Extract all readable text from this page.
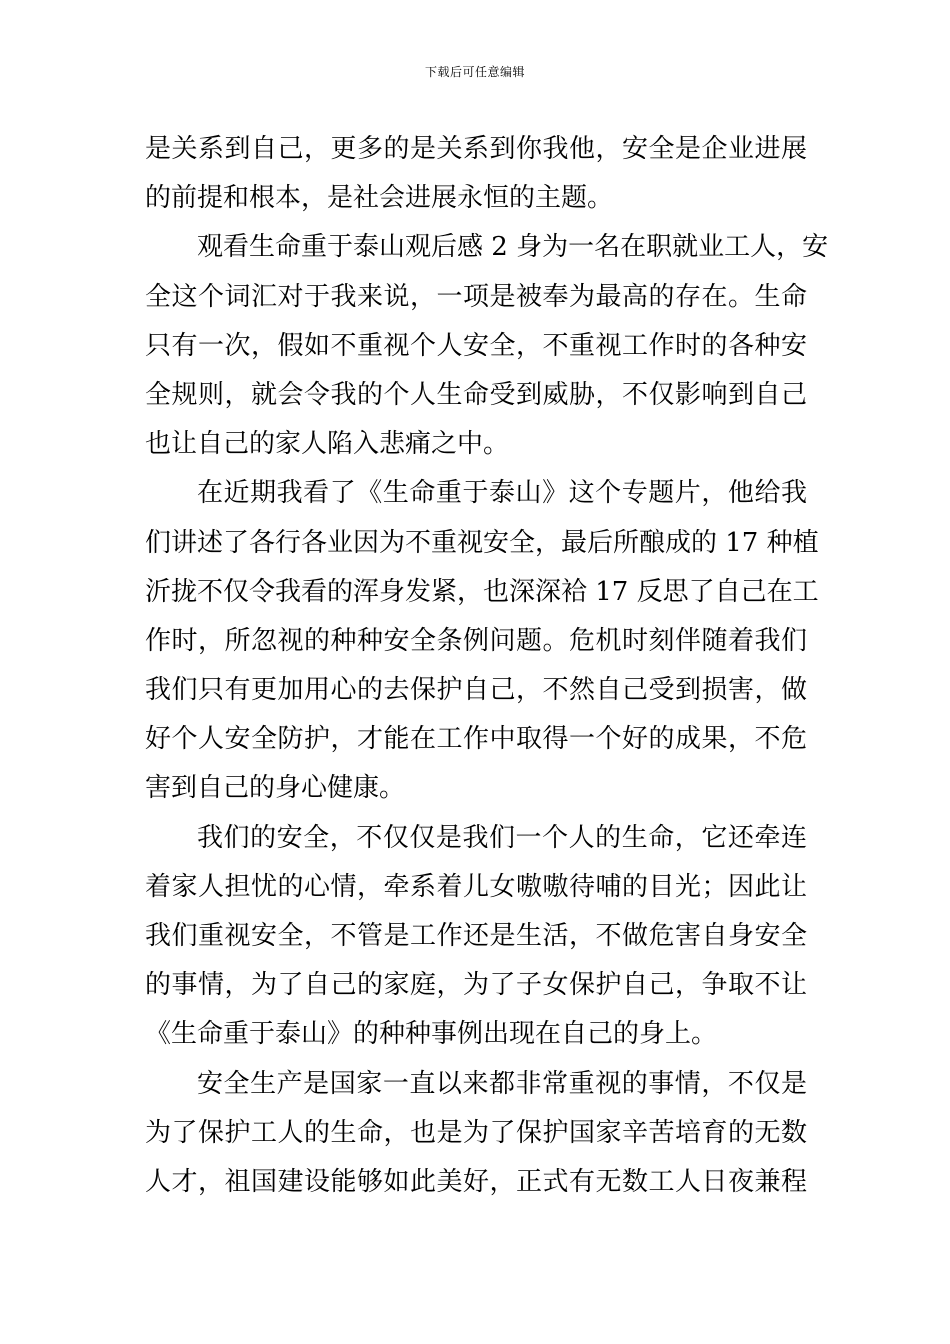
下载后可任意编辑
是关系到自己，更多的是关系到你我他，安全是企业进展
的前提和根本，是社会进展永恒的主题。
观看生命重于泰山观后感 2 身为一名在职就业工人，安
全这个词汇对于我来说，一项是被奉为最高的存在。生命
只有一次，假如不重视个人安全，不重视工作时的各种安
全规则，就会令我的个人生命受到威胁，不仅影响到自己
也让自己的家人陷入悲痛之中。
在近期我看了《生命重于泰山》这个专题片，他给我
们讲述了各行各业因为不重视安全，最后所酿成的 17 种植
沂拢不仅令我看的浑身发紧，也深深袷 17 反思了自己在工
作时，所忽视的种种安全条例问题。危机时刻伴随着我们
我们只有更加用心的去保护自己，不然自己受到损害，做
好个人安全防护，才能在工作中取得一个好的成果，不危
害到自己的身心健康。
我们的安全，不仅仅是我们一个人的生命，它还牵连
着家人担忧的心情，牵系着儿女嗷嗷待哺的目光；因此让
我们重视安全，不管是工作还是生活，不做危害自身安全
的事情，为了自己的家庭，为了子女保护自己，争取不让
《生命重于泰山》的种种事例出现在自己的身上。
安全生产是国家一直以来都非常重视的事情，不仅是
为了保护工人的生命，也是为了保护国家辛苦培育的无数
人才，祖国建设能够如此美好，正式有无数工人日夜兼程
